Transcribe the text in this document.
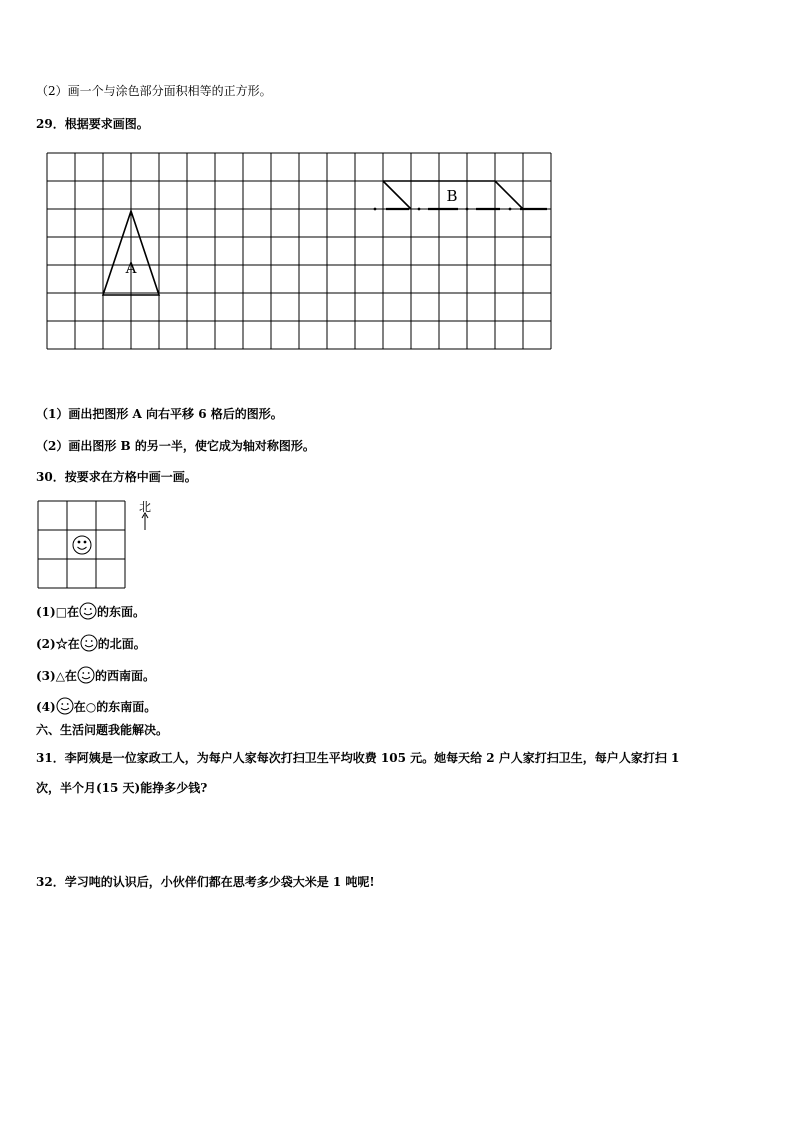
（2）画一个与涂色部分面积相等的正方形。
29．根据要求画图。
A
B
北
（1）画出把图形 A 向右平移 6 格后的图形。
（2）画出图形 B 的另一半，使它成为轴对称图形。
30．按要求在方格中画一画。
(1)□在 的东面。
(2)☆在 的北面。
(3)△在 的西南面。
(4) 在○的东南面。
六、生活问题我能解决。
31．李阿姨是一位家政工人，为每户人家每次打扫卫生平均收费 105 元。她每天给 2 户人家打扫卫生，每户人家打扫 1
次，半个月(15 天)能挣多少钱?
32．学习吨的认识后，小伙伴们都在思考多少袋大米是 1 吨呢!
